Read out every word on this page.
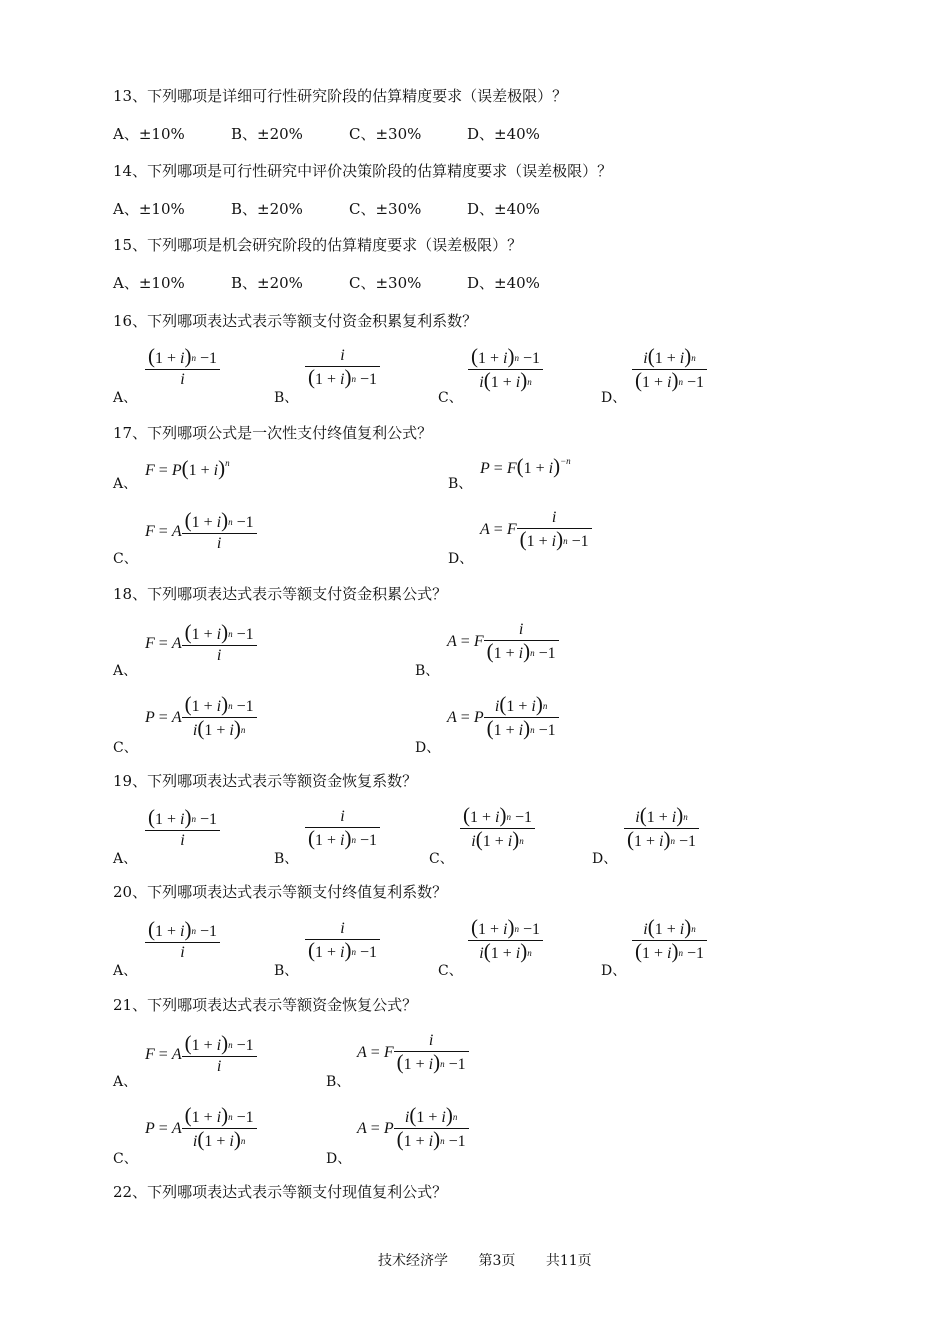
13、下列哪项是详细可行性研究阶段的估算精度要求（误差极限）？
A、±10%	B、±20%	C、±30%	D、±40%
14、下列哪项是可行性研究中评价决策阶段的估算精度要求（误差极限）？
A、±10%	B、±20%	C、±30%	D、±40%
15、下列哪项是机会研究阶段的估算精度要求（误差极限）？
A、±10%	B、±20%	C、±30%	D、±40%
16、下列哪项表达式表示等额支付资金积累复利系数？
A、
$\frac{(1 + i)^n -1}{i}$
B、
$\frac{i}{(1 + i)^n -1}$
C、
$\frac{(1 + i)^n -1}{i(1 + i)^n}$
D、
$\frac{i(1 + i)^n}{(1 + i)^n -1}$
17、下列哪项公式是一次性支付终值复利公式？
A、
$F = P(1 + i)^n$
B、
$P = F(1 + i)^{-n}$
C、
F = A $\frac{(1 + i)^n -1}{i}$
D、
A = F $\frac{i}{(1 + i)^n -1}$
18、下列哪项表达式表示等额支付资金积累公式？
A、
F = A $\frac{(1 + i)^n -1}{i}$
B、
A = F $\frac{i}{(1 + i)^n -1}$
C、
P = A $\frac{(1 + i)^n -1}{i(1 + i)^n}$
D、
A = P $\frac{i(1 + i)^n}{(1 + i)^n -1}$
19、下列哪项表达式表示等额资金恢复系数？
A、
$\frac{(1 + i)^n -1}{i}$
B、
$\frac{i}{(1 + i)^n -1}$
C、
$\frac{(1 + i)^n -1}{i(1 + i)^n}$
D、
$\frac{i(1 + i)^n}{(1 + i)^n -1}$
20、下列哪项表达式表示等额支付终值复利系数？
A、
$\frac{(1 + i)^n -1}{i}$
B、
$\frac{i}{(1 + i)^n -1}$
C、
$\frac{(1 + i)^n -1}{i(1 + i)^n}$
D、
$\frac{i(1 + i)^n}{(1 + i)^n -1}$
21、下列哪项表达式表示等额资金恢复公式？
A、
F = A $\frac{(1 + i)^n -1}{i}$
B、
A = F $\frac{i}{(1 + i)^n -1}$
C、
P = A $\frac{(1 + i)^n -1}{i(1 + i)^n}$
D、
A = P $\frac{i(1 + i)^n}{(1 + i)^n -1}$
22、下列哪项表达式表示等额支付现值复利公式？
技术经济学 第3页 共11页
